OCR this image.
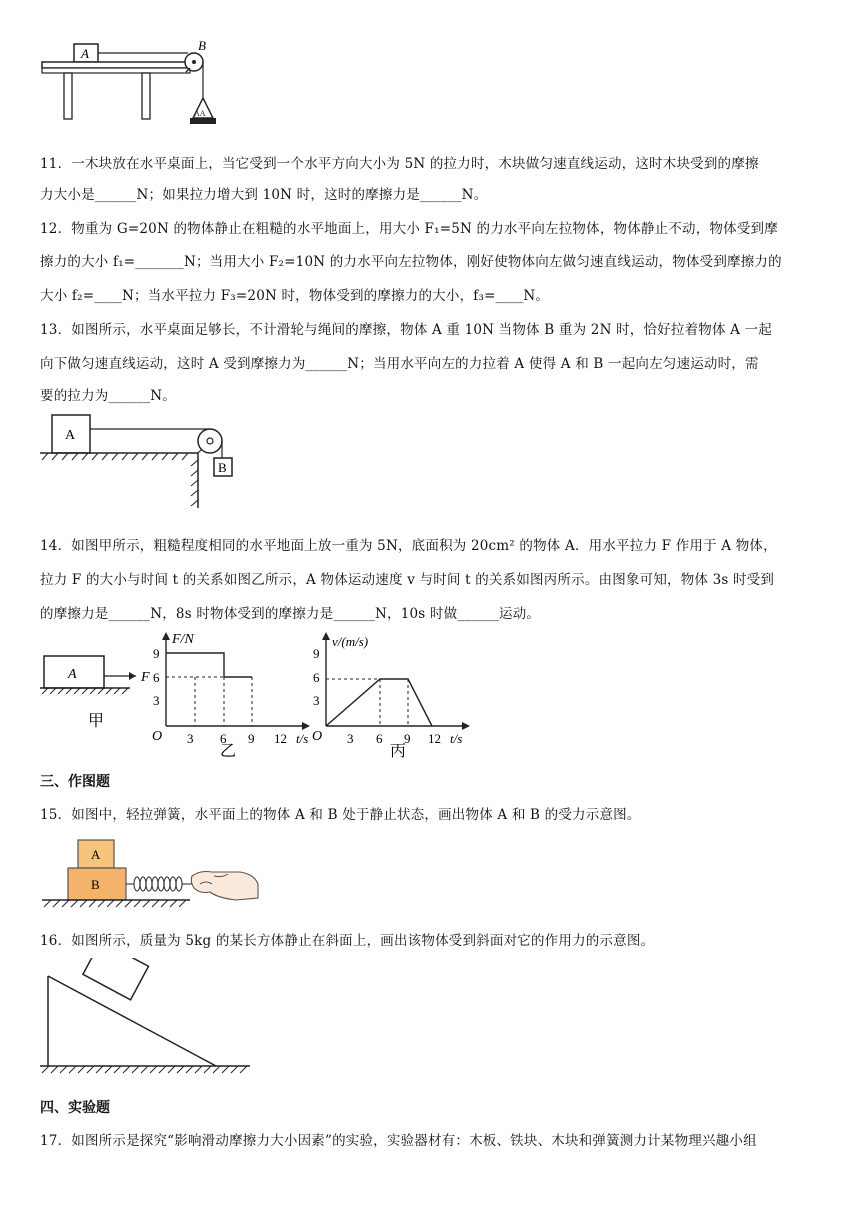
A
B
AA
11．一木块放在水平桌面上，当它受到一个水平方向大小为 5N 的拉力时，木块做匀速直线运动，这时木块受到的摩擦
力大小是______N；如果拉力增大到 10N 时，这时的摩擦力是______N。
12．物重为 G=20N 的物体静止在粗糙的水平地面上，用大小 F₁=5N 的力水平向左拉物体，物体静止不动，物体受到摩
擦力的大小 f₁=_______N；当用大小 F₂=10N 的力水平向左拉物体，刚好使物体向左做匀速直线运动，物体受到摩擦力的
大小 f₂=____N；当水平拉力 F₃=20N 时，物体受到的摩擦力的大小，f₃=____N。
13．如图所示，水平桌面足够长，不计滑轮与绳间的摩擦，物体 A 重 10N 当物体 B 重为 2N 时，恰好拉着物体 A 一起
向下做匀速直线运动，这时 A 受到摩擦力为______N；当用水平向左的力拉着 A 使得 A 和 B 一起向左匀速运动时，需
要的拉力为______N。
A
B
14．如图甲所示，粗糙程度相同的水平地面上放一重为 5N，底面积为 20cm² 的物体 A．用水平拉力 F 作用于 A 物体，
拉力 F 的大小与时间 t 的关系如图乙所示，A 物体运动速度 v 与时间 t 的关系如图丙所示。由图象可知，物体 3s 时受到
的摩擦力是______N，8s 时物体受到的摩擦力是______N，10s 时做______运动。
A	F
甲
F/N
9
6
3
O 3 6 9 12 t/s
乙
v/(m/s)
9
6
3
O 3 6 9 12 t/s
丙
三、作图题
15．如图中，轻拉弹簧，水平面上的物体 A 和 B 处于静止状态，画出物体 A 和 B 的受力示意图。
A
B
16．如图所示，质量为 5kg 的某长方体静止在斜面上，画出该物体受到斜面对它的作用力的示意图。
四、实验题
17．如图所示是探究“影响滑动摩擦力大小因素”的实验，实验器材有：木板、铁块、木块和弹簧测力计某物理兴趣小组
